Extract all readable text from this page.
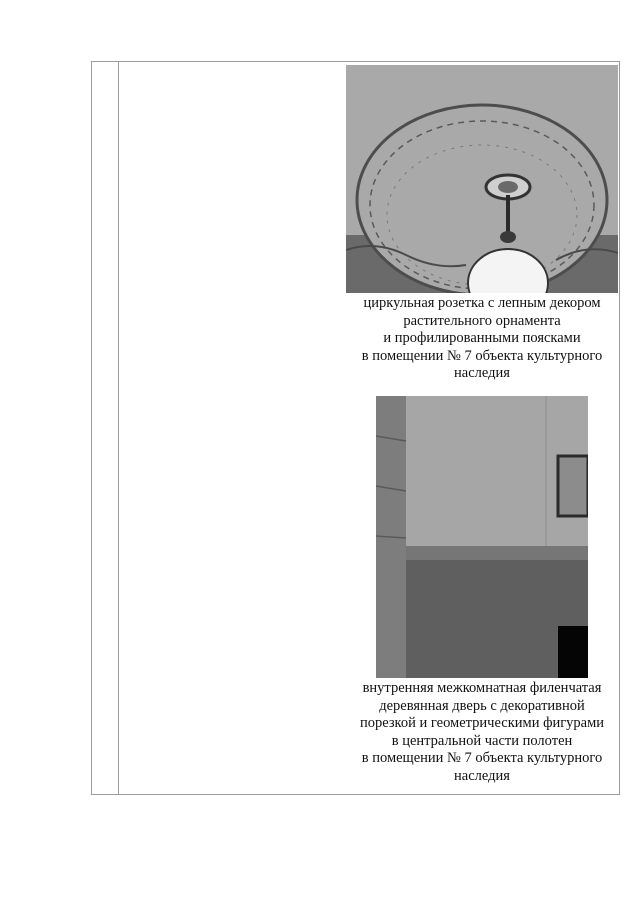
циркульная розетка с лепным декором
растительного орнамента
и профилированными поясками
в помещении № 7 объекта культурного
наследия
внутренняя межкомнатная филенчатая
деревянная дверь с декоративной
порезкой и геометрическими фигурами
в центральной части полотен
в помещении № 7 объекта культурного
наследия
